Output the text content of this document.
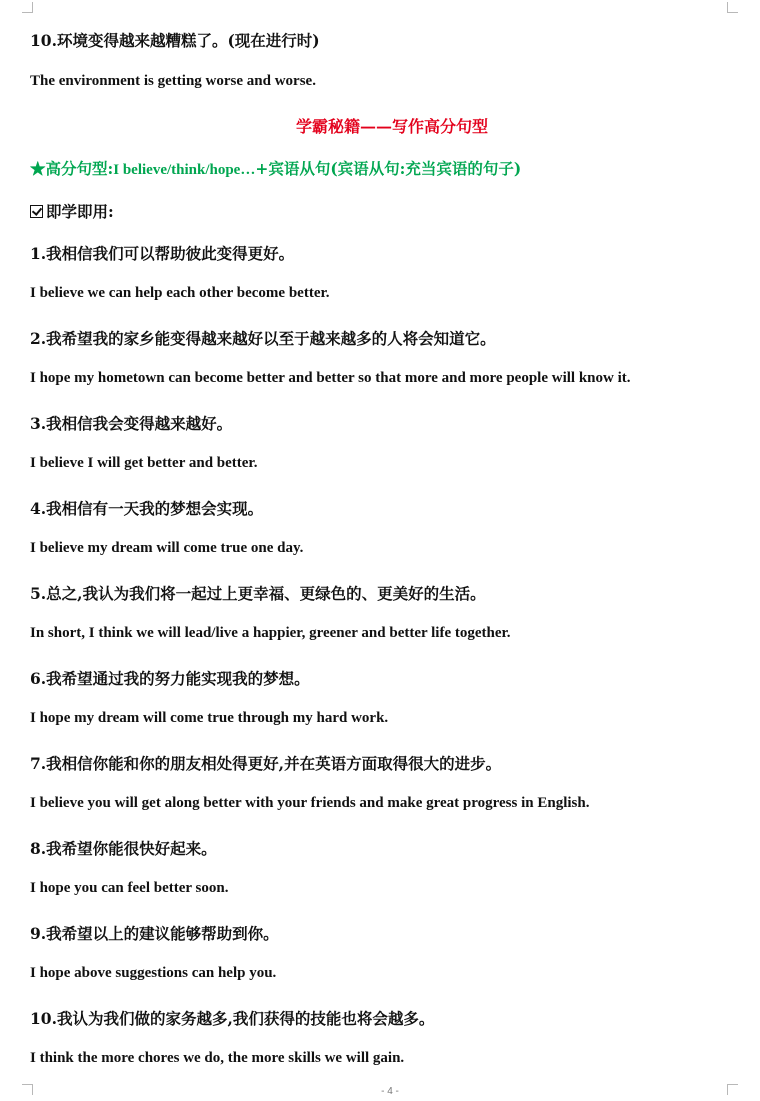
10.环境变得越来越糟糕了。(现在进行时)
The environment is getting worse and worse.
学霸秘籍——写作高分句型
★高分句型:I believe/think/hope…+宾语从句(宾语从句:充当宾语的句子)
即学即用:
1.我相信我们可以帮助彼此变得更好。
I believe we can help each other become better.
2.我希望我的家乡能变得越来越好以至于越来越多的人将会知道它。
I hope my hometown can become better and better so that more and more people will know it.
3.我相信我会变得越来越好。
I believe I will get better and better.
4.我相信有一天我的梦想会实现。
I believe my dream will come true one day.
5.总之,我认为我们将一起过上更幸福、更绿色的、更美好的生活。
In short, I think we will lead/live a happier, greener and better life together.
6.我希望通过我的努力能实现我的梦想。
I hope my dream will come true through my hard work.
7.我相信你能和你的朋友相处得更好,并在英语方面取得很大的进步。
I believe you will get along better with your friends and make great progress in English.
8.我希望你能很快好起来。
I hope you can feel better soon.
9.我希望以上的建议能够帮助到你。
I hope above suggestions can help you.
10.我认为我们做的家务越多,我们获得的技能也将会越多。
I think the more chores we do, the more skills we will gain.
- 4 -
